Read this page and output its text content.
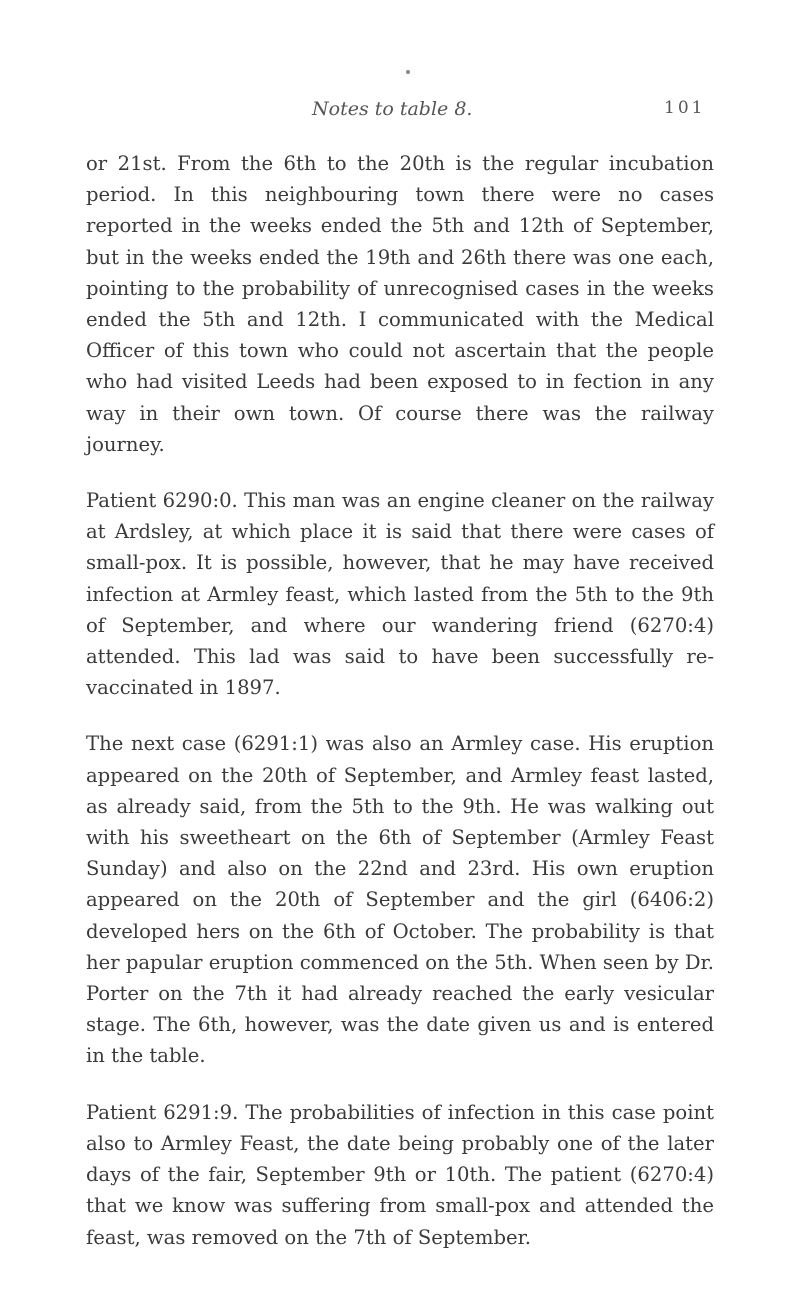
Notes to table 8.	101

or 21st. From the 6th to the 20th is the regular incubation period. In this neighbouring town there were no cases reported in the weeks ended the 5th and 12th of September, but in the weeks ended the 19th and 26th there was one each, pointing to the probability of unrecognised cases in the weeks ended the 5th and 12th. I communicated with the Medical Officer of this town who could not ascertain that the people who had visited Leeds had been exposed to in fection in any way in their own town. Of course there was the railway journey.

Patient 6290:0. This man was an engine cleaner on the railway at Ardsley, at which place it is said that there were cases of small-pox. It is possible, however, that he may have received infection at Armley feast, which lasted from the 5th to the 9th of September, and where our wandering friend (6270:4) attended. This lad was said to have been successfully re-vaccinated in 1897.

The next case (6291:1) was also an Armley case. His eruption appeared on the 20th of September, and Armley feast lasted, as already said, from the 5th to the 9th. He was walking out with his sweetheart on the 6th of September (Armley Feast Sunday) and also on the 22nd and 23rd. His own eruption appeared on the 20th of September and the girl (6406:2) developed hers on the 6th of October. The probability is that her papular eruption commenced on the 5th. When seen by Dr. Porter on the 7th it had already reached the early vesicular stage. The 6th, however, was the date given us and is entered in the table.

Patient 6291:9. The probabilities of infection in this case point also to Armley Feast, the date being probably one of the later days of the fair, September 9th or 10th. The patient (6270:4) that we know was suffering from small-pox and attended the feast, was removed on the 7th of September.
